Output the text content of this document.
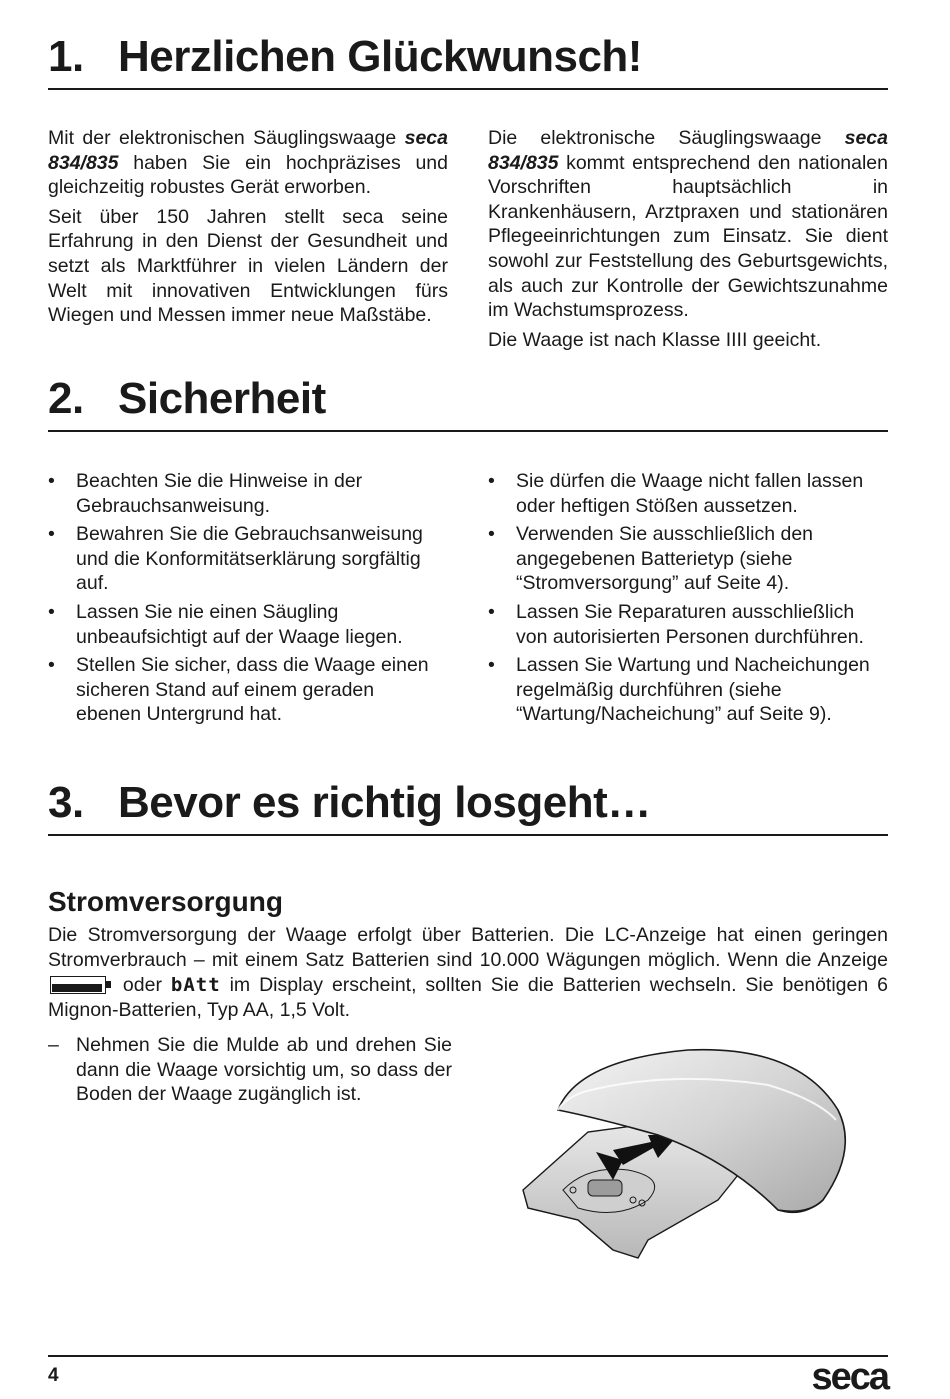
1. Herzlichen Glückwunsch!

Mit der elektronischen Säuglingswaage seca 834/835 haben Sie ein hochpräzises und gleichzeitig robustes Gerät erworben.

Seit über 150 Jahren stellt seca seine Erfahrung in den Dienst der Gesundheit und setzt als Marktführer in vielen Ländern der Welt mit innovativen Entwicklungen fürs Wiegen und Messen immer neue Maßstäbe.

Die elektronische Säuglingswaage seca 834/835 kommt entsprechend den nationalen Vorschriften hauptsächlich in Krankenhäusern, Arztpraxen und stationären Pflegeeinrichtungen zum Einsatz. Sie dient sowohl zur Feststellung des Geburtsgewichts, als auch zur Kontrolle der Gewichtszunahme im Wachstumsprozess.

Die Waage ist nach Klasse IIII geeicht.

2. Sicherheit
• Beachten Sie die Hinweise in der Gebrauchsanweisung.
• Bewahren Sie die Gebrauchsanweisung und die Konformitätserklärung sorgfältig auf.
• Lassen Sie nie einen Säugling unbeaufsichtigt auf der Waage liegen.
• Stellen Sie sicher, dass die Waage einen sicheren Stand auf einem geraden ebenen Untergrund hat.
• Sie dürfen die Waage nicht fallen lassen oder heftigen Stößen aussetzen.
• Verwenden Sie ausschließlich den angegebenen Batterietyp (siehe “Stromversorgung” auf Seite 4).
• Lassen Sie Reparaturen ausschließlich von autorisierten Personen durchführen.
• Lassen Sie Wartung und Nacheichungen regelmäßig durchführen (siehe “Wartung/Nacheichung” auf Seite 9).
3. Bevor es richtig losgeht…
Stromversorgung

Die Stromversorgung der Waage erfolgt über Batterien. Die LC-Anzeige hat einen geringen Stromverbrauch – mit einem Satz Batterien sind 10.000 Wägungen möglich. Wenn die Anzeige
oder bAtt im Display erscheint, sollten Sie die Batterien wechseln. Sie benötigen 6 Mignon-Batterien, Typ AA, 1,5 Volt.

– Nehmen Sie die Mulde ab und drehen Sie dann die Waage vorsichtig um, so dass der Boden der Waage zugänglich ist.
4	seca
